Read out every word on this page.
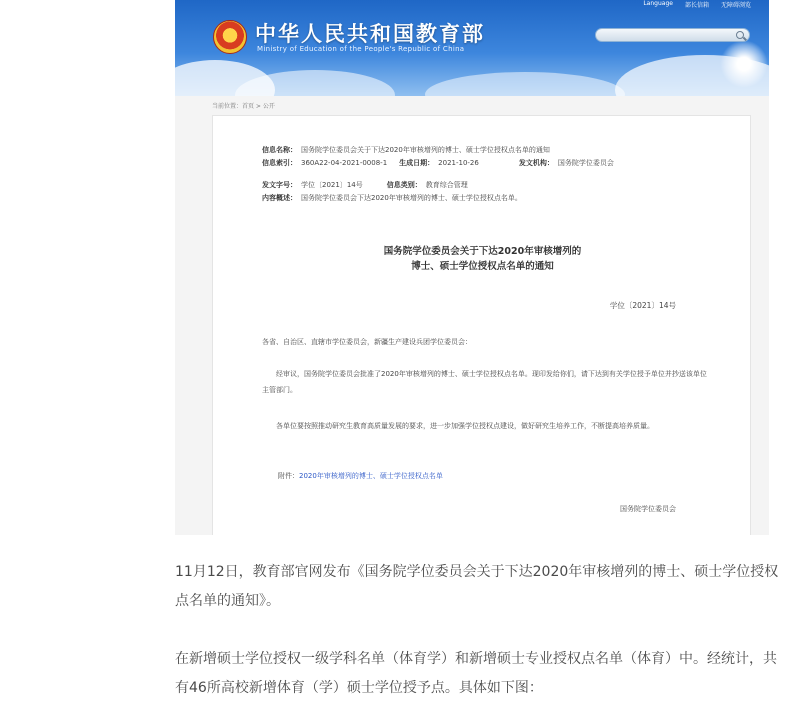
中华人民共和国教育部
Ministry of Education of the People's Republic of China
Language 部长信箱 无障碍浏览
当前位置：首页 > 公开
信息名称： 国务院学位委员会关于下达2020年审核增列的博士、硕士学位授权点名单的通知
信息索引： 360A22-04-2021-0008-1 生成日期： 2021-10-26	发文机构： 国务院学位委员会
发文字号： 学位〔2021〕14号	信息类别： 教育综合管理
内容概述： 国务院学位委员会下达2020年审核增列的博士、硕士学位授权点名单。
国务院学位委员会关于下达2020年审核增列的
博士、硕士学位授权点名单的通知
学位〔2021〕14号
各省、自治区、直辖市学位委员会，新疆生产建设兵团学位委员会：
经审议，国务院学位委员会批准了2020年审核增列的博士、硕士学位授权点名单。现印发给你们，请下达到有关学位授予单位并抄送该单位主管部门。
各单位要按照推动研究生教育高质量发展的要求，进一步加强学位授权点建设，做好研究生培养工作，不断提高培养质量。
附件：2020年审核增列的博士、硕士学位授权点名单
国务院学位委员会

11月12日，教育部官网发布《国务院学位委员会关于下达2020年审核增列的博士、硕士学位授权点名单的通知》。

在新增硕士学位授权一级学科名单（体育学）和新增硕士专业授权点名单（体育）中。经统计，共有46所高校新增体育（学）硕士学位授予点。具体如下图：
